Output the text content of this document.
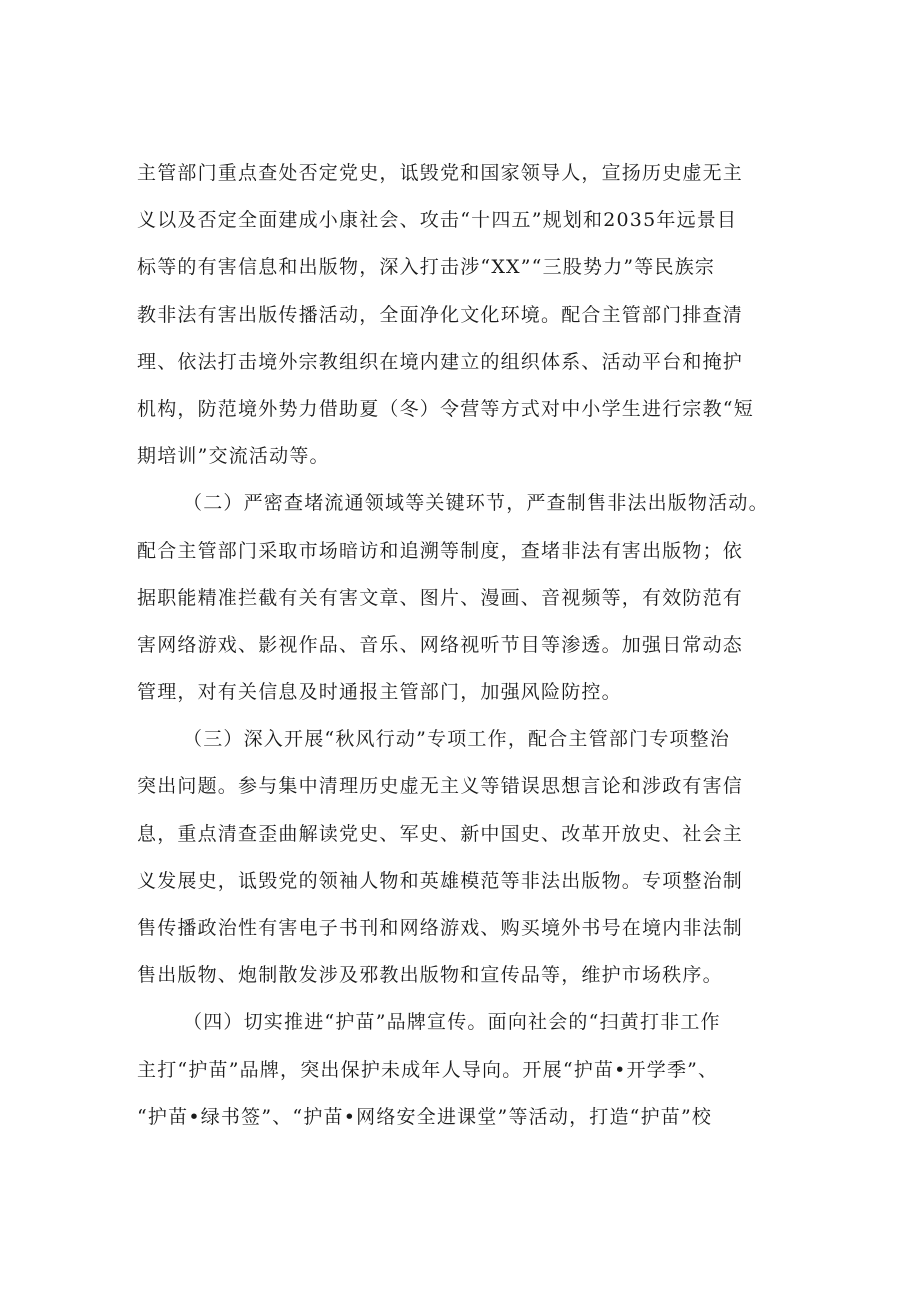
主管部门重点查处否定党史，诋毁党和国家领导人，宣扬历史虚无主
义以及否定全面建成小康社会、攻击“十四五”规划和2035年远景目
标等的有害信息和出版物，深入打击涉“XX”“三股势力”等民族宗
教非法有害出版传播活动，全面净化文化环境。配合主管部门排查清
理、依法打击境外宗教组织在境内建立的组织体系、活动平台和掩护
机构，防范境外势力借助夏（冬）令营等方式对中小学生进行宗教“短
期培训”交流活动等。
（二）严密查堵流通领域等关键环节，严查制售非法出版物活动。
配合主管部门采取市场暗访和追溯等制度，查堵非法有害出版物；依
据职能精准拦截有关有害文章、图片、漫画、音视频等，有效防范有
害网络游戏、影视作品、音乐、网络视听节目等渗透。加强日常动态
管理，对有关信息及时通报主管部门，加强风险防控。
（三）深入开展“秋风行动”专项工作，配合主管部门专项整治
突出问题。参与集中清理历史虚无主义等错误思想言论和涉政有害信
息，重点清查歪曲解读党史、军史、新中国史、改革开放史、社会主
义发展史，诋毁党的领袖人物和英雄模范等非法出版物。专项整治制
售传播政治性有害电子书刊和网络游戏、购买境外书号在境内非法制
售出版物、炮制散发涉及邪教出版物和宣传品等，维护市场秩序。
（四）切实推进“护苗”品牌宣传。面向社会的“扫黄打非工作
主打“护苗”品牌，突出保护未成年人导向。开展“护苗•开学季”、
“护苗•绿书签”、“护苗•网络安全进课堂”等活动，打造“护苗”校
